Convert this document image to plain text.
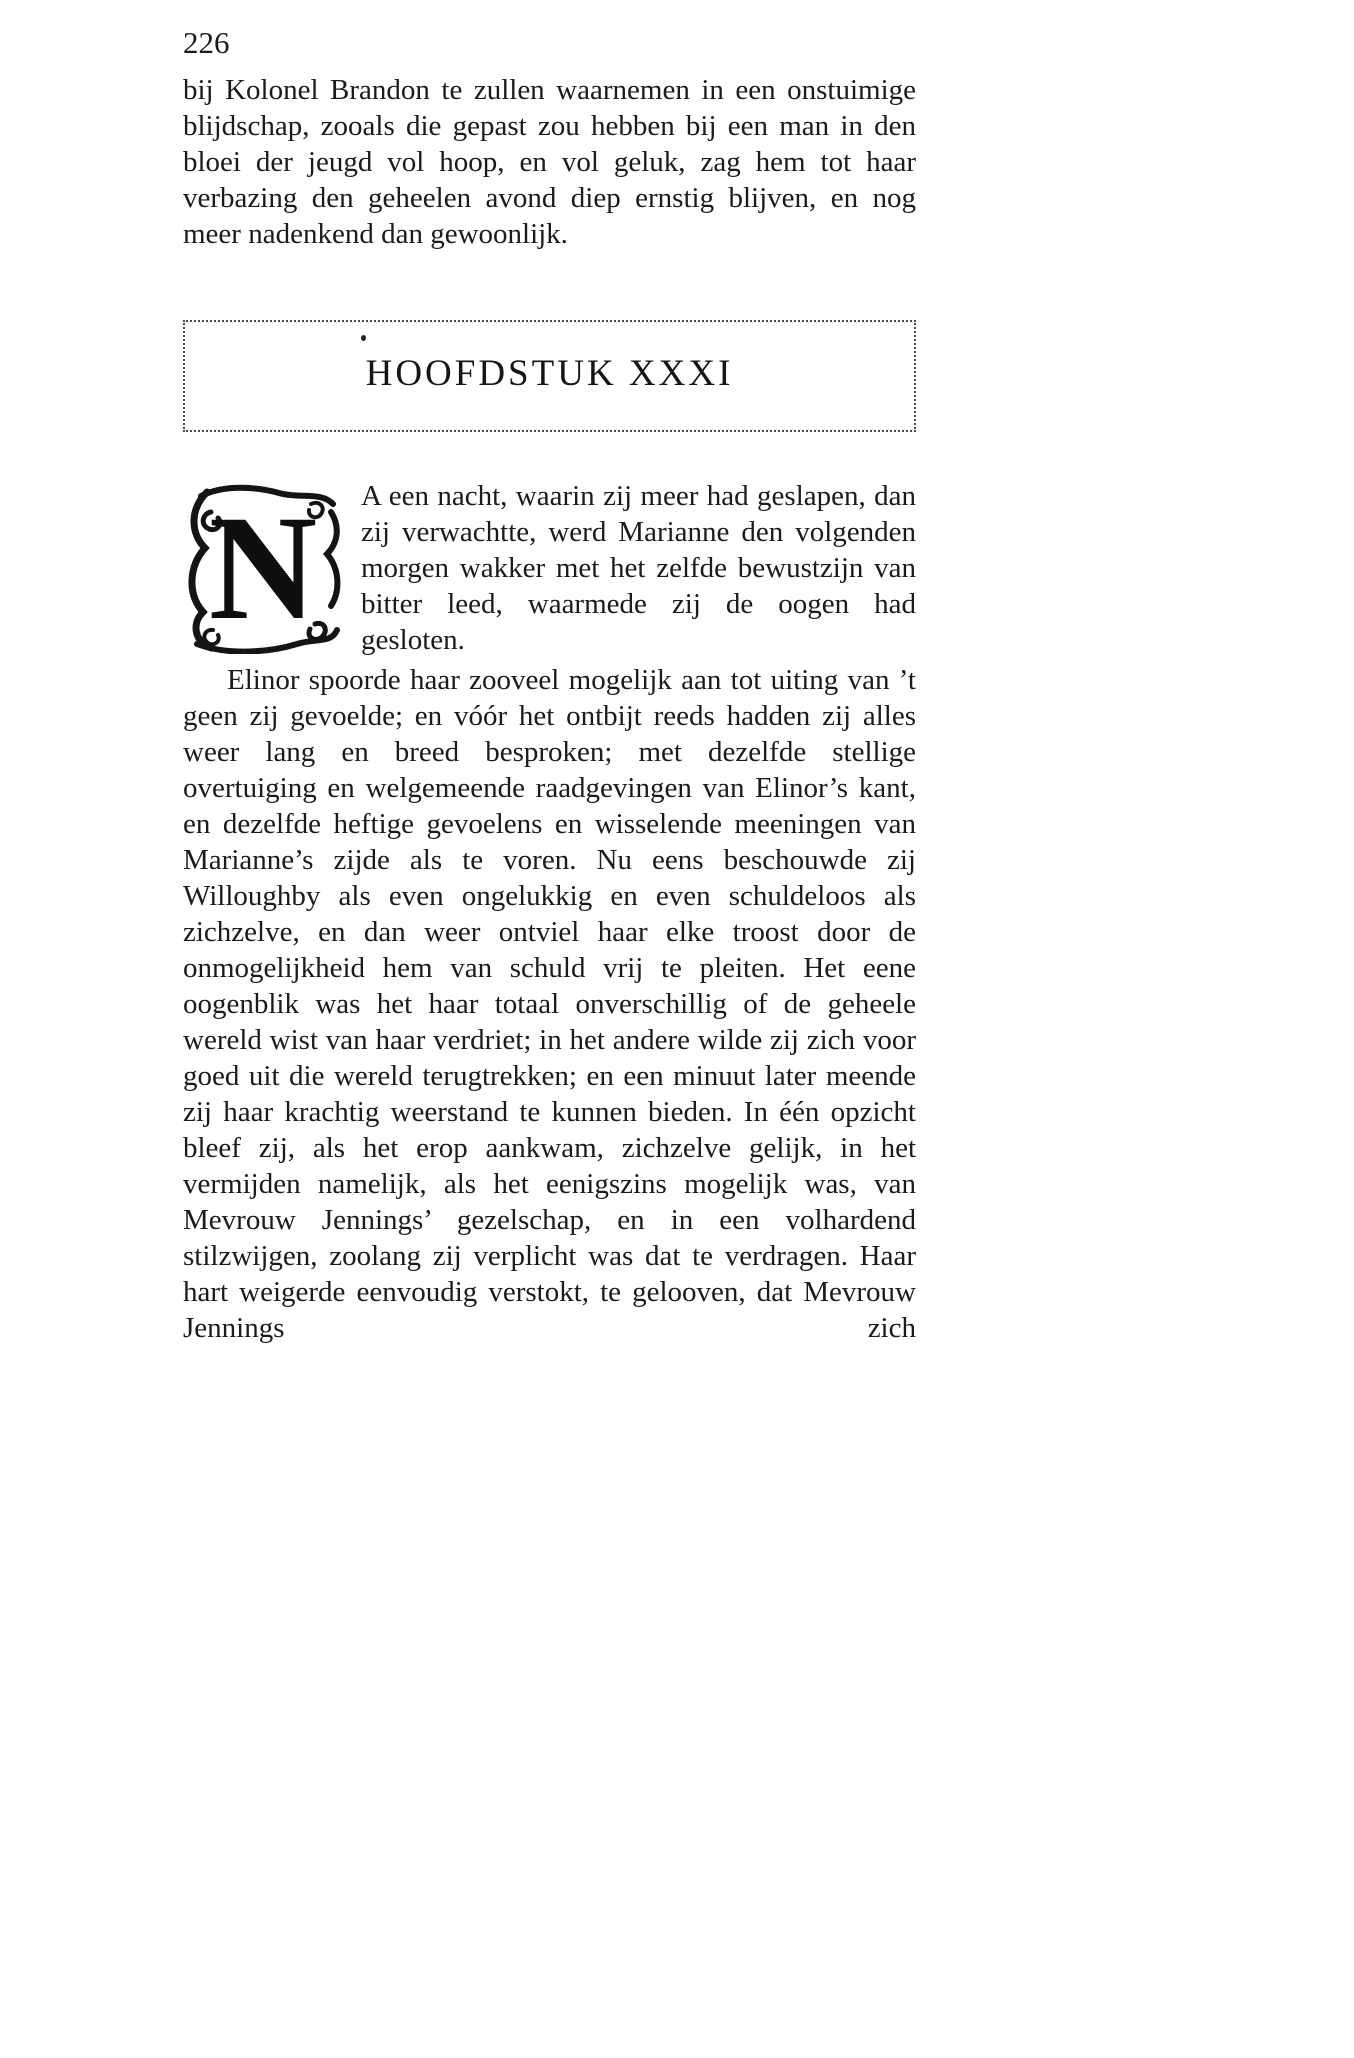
226

bij Kolonel Brandon te zullen waarnemen in een onstuimige blijdschap, zooals die gepast zou hebben bij een man in den bloei der jeugd vol hoop, en vol geluk, zag hem tot haar verbazing den geheelen avond diep ernstig blijven, en nog meer nadenkend dan gewoonlijk.

HOOFDSTUK XXXI

N A een nacht, waarin zij meer had geslapen, dan zij verwachtte, werd Marianne den volgenden morgen wakker met het zelfde bewustzijn van bitter leed, waarmede zij de oogen had gesloten.

Elinor spoorde haar zooveel mogelijk aan tot uiting van ’t geen zij gevoelde; en vóór het ontbijt reeds hadden zij alles weer lang en breed besproken; met dezelfde stellige overtuiging en welgemeende raadgevingen van Elinor’s kant, en dezelfde heftige gevoelens en wisselende meeningen van Marianne’s zijde als te voren. Nu eens beschouwde zij Willoughby als even ongelukkig en even schuldeloos als zichzelve, en dan weer ontviel haar elke troost door de onmogelijkheid hem van schuld vrij te pleiten. Het eene oogenblik was het haar totaal onverschillig of de geheele wereld wist van haar verdriet; in het andere wilde zij zich voor goed uit die wereld terugtrekken; en een minuut later meende zij haar krachtig weerstand te kunnen bieden. In één opzicht bleef zij, als het erop aankwam, zichzelve gelijk, in het vermijden namelijk, als het eenigszins mogelijk was, van Mevrouw Jennings’ gezelschap, en in een volhardend stilzwijgen, zoolang zij verplicht was dat te verdragen. Haar hart weigerde eenvoudig verstokt, te gelooven, dat Mevrouw Jennings zich
